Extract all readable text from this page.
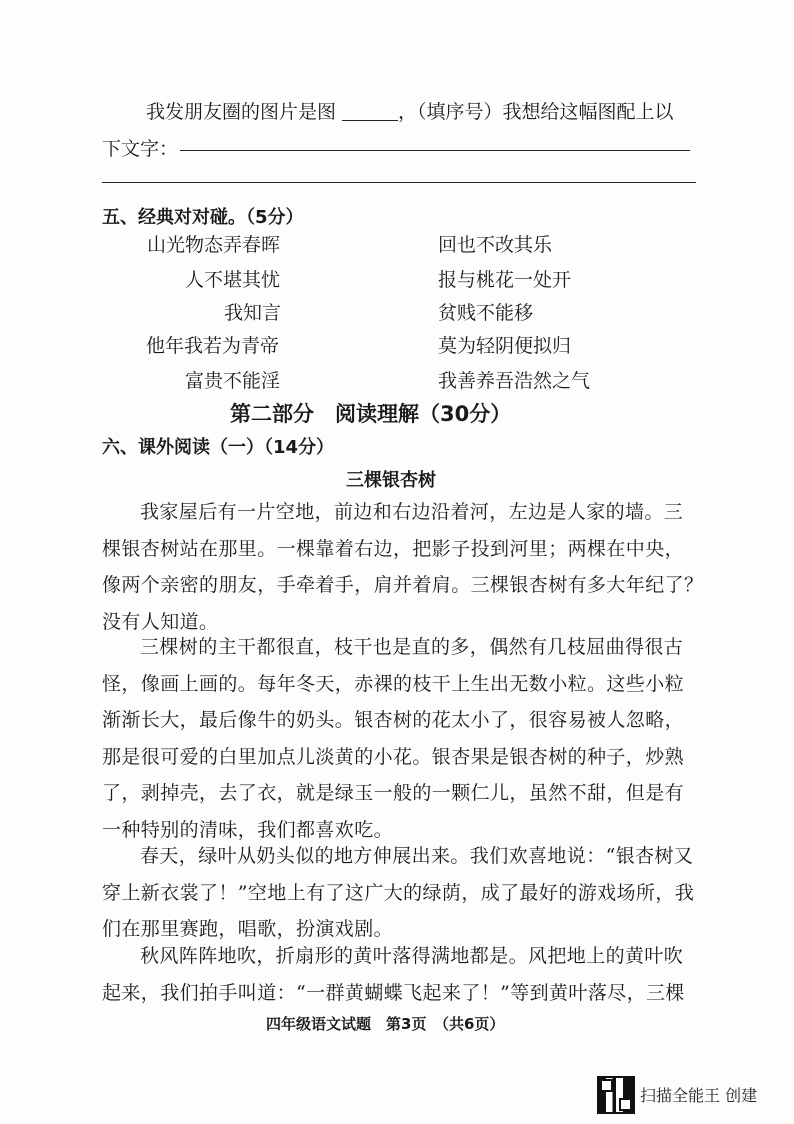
我发朋友圈的图片是图	，（填序号）我想给这幅图配上以
下文字：
五、经典对对碰。（5分）
山光物态弄春晖
人不堪其忧
我知言
他年我若为青帝
富贵不能淫
回也不改其乐
报与桃花一处开
贫贱不能移
莫为轻阴便拟归
我善养吾浩然之气
第二部分　阅读理解（30分）
六、课外阅读（一）（14分）
三棵银杏树
我家屋后有一片空地，前边和右边沿着河，左边是人家的墙。三
棵银杏树站在那里。一棵靠着右边，把影子投到河里；两棵在中央，
像两个亲密的朋友，手牵着手，肩并着肩。三棵银杏树有多大年纪了？
没有人知道。
三棵树的主干都很直，枝干也是直的多，偶然有几枝屈曲得很古
怪，像画上画的。每年冬天，赤裸的枝干上生出无数小粒。这些小粒
渐渐长大，最后像牛的奶头。银杏树的花太小了，很容易被人忽略，
那是很可爱的白里加点儿淡黄的小花。银杏果是银杏树的种子，炒熟
了，剥掉壳，去了衣，就是绿玉一般的一颗仁儿，虽然不甜，但是有
一种特别的清味，我们都喜欢吃。
春天，绿叶从奶头似的地方伸展出来。我们欢喜地说：“银杏树又
穿上新衣裳了！”空地上有了这广大的绿荫，成了最好的游戏场所，我
们在那里赛跑，唱歌，扮演戏剧。
秋风阵阵地吹，折扇形的黄叶落得满地都是。风把地上的黄叶吹
起来，我们拍手叫道：“一群黄蝴蝶飞起来了！”等到黄叶落尽，三棵
四年级语文试题　第3页　（共6页）
扫描全能王 创建
